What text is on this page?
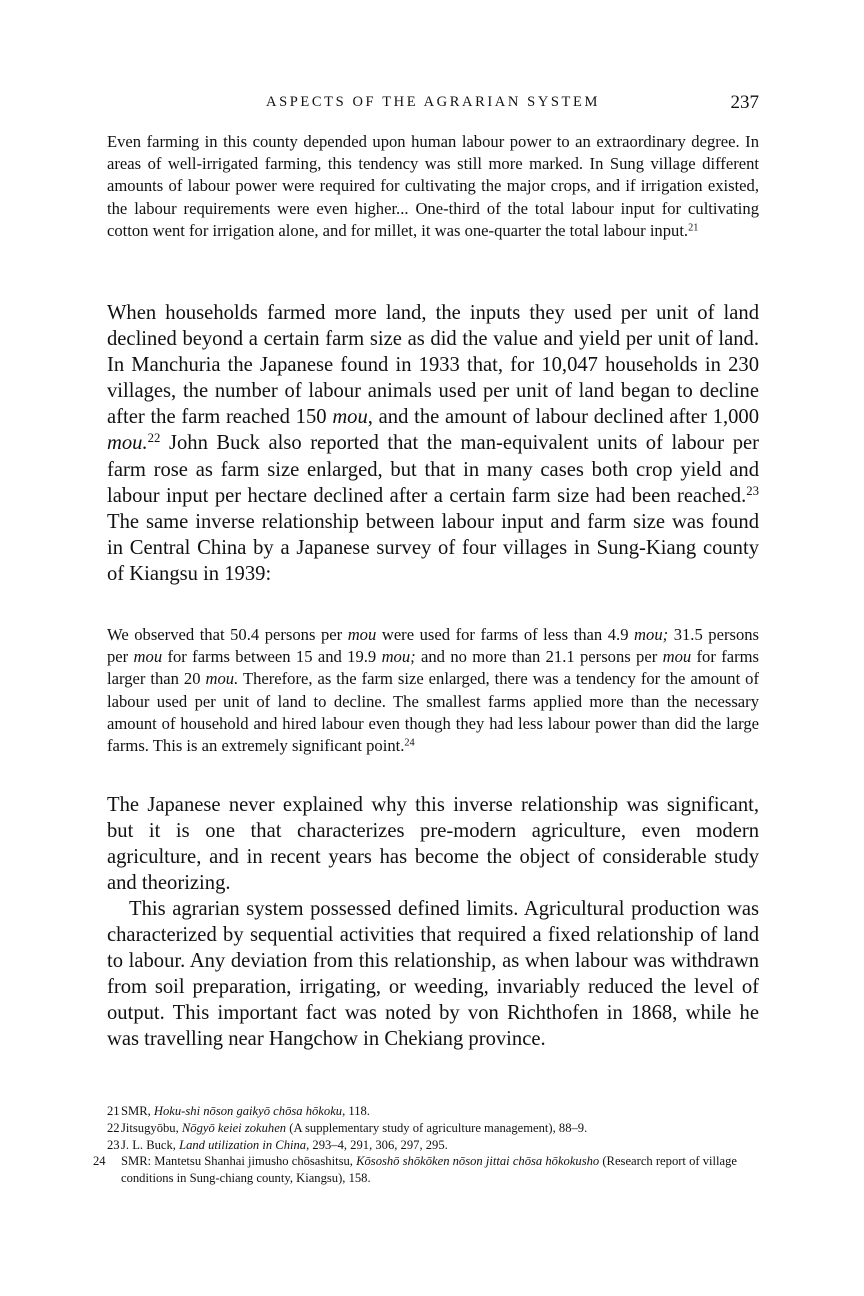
ASPECTS OF THE AGRARIAN SYSTEM	237

Even farming in this county depended upon human labour power to an extraordinary degree. In areas of well-irrigated farming, this tendency was still more marked. In Sung village different amounts of labour power were required for cultivating the major crops, and if irrigation existed, the labour requirements were even higher... One-third of the total labour input for cultivating cotton went for irrigation alone, and for millet, it was one-quarter the total labour input.$^{21}$

When households farmed more land, the inputs they used per unit of land declined beyond a certain farm size as did the value and yield per unit of land. In Manchuria the Japanese found in 1933 that, for 10,047 households in 230 villages, the number of labour animals used per unit of land began to decline after the farm reached 150 mou, and the amount of labour declined after 1,000 mou.$^{22}$ John Buck also reported that the man-equivalent units of labour per farm rose as farm size enlarged, but that in many cases both crop yield and labour input per hectare declined after a certain farm size had been reached.$^{23}$ The same inverse relationship between labour input and farm size was found in Central China by a Japanese survey of four villages in Sung-Kiang county of Kiangsu in 1939:

We observed that 50.4 persons per mou were used for farms of less than 4.9 mou; 31.5 persons per mou for farms between 15 and 19.9 mou; and no more than 21.1 persons per mou for farms larger than 20 mou. Therefore, as the farm size enlarged, there was a tendency for the amount of labour used per unit of land to decline. The smallest farms applied more than the necessary amount of household and hired labour even though they had less labour power than did the large farms. This is an extremely significant point.$^{24}$

The Japanese never explained why this inverse relationship was significant, but it is one that characterizes pre-modern agriculture, even modern agriculture, and in recent years has become the object of considerable study and theorizing.

This agrarian system possessed defined limits. Agricultural production was characterized by sequential activities that required a fixed relationship of land to labour. Any deviation from this relationship, as when labour was withdrawn from soil preparation, irrigating, or weeding, invariably reduced the level of output. This important fact was noted by von Richthofen in 1868, while he was travelling near Hangchow in Chekiang province.

21SMR, Hoku-shi nōson gaikyō chōsa hōkoku, 118.

22Jitsugyōbu, Nōgyō keiei zokuhen (A supplementary study of agriculture management), 88–9.

23J. L. Buck, Land utilization in China, 293–4, 291, 306, 297, 295.

24 SMR: Mantetsu Shanhai jimusho chōsashitsu, Kōsoshō shōkōken nōson jittai chōsa hōkokusho (Research report of village conditions in Sung-chiang county, Kiangsu), 158.
